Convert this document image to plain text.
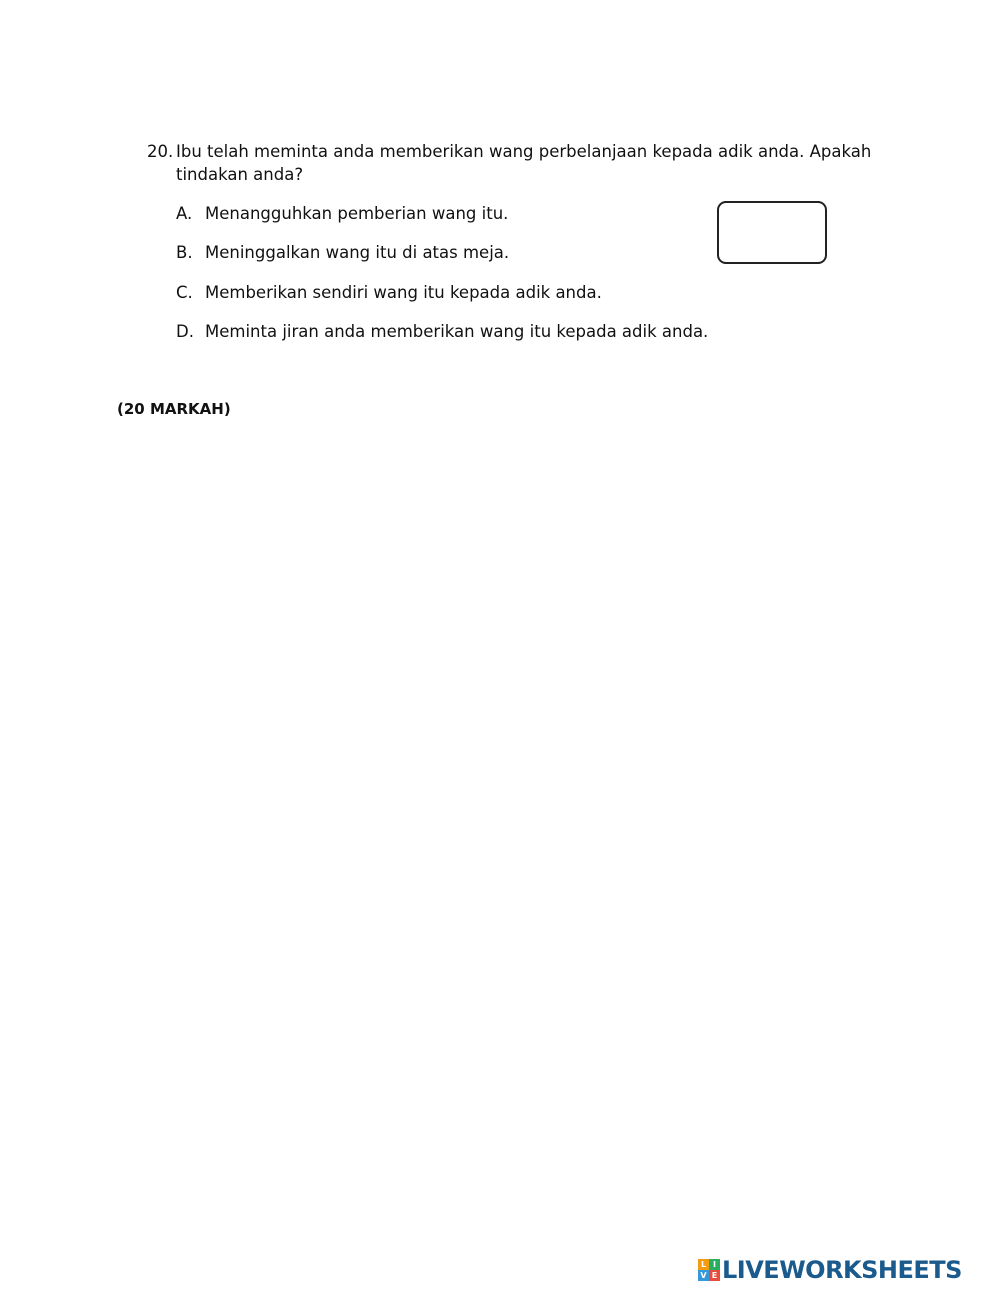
20. Ibu telah meminta anda memberikan wang perbelanjaan kepada adik anda. Apakah tindakan anda?
A. Menangguhkan pemberian wang itu.
B. Meninggalkan wang itu di atas meja.
C. Memberikan sendiri wang itu kepada adik anda.
D. Meminta jiran anda memberikan wang itu kepada adik anda.
(20 MARKAH)
L I
V E LIVEWORKSHEETS
